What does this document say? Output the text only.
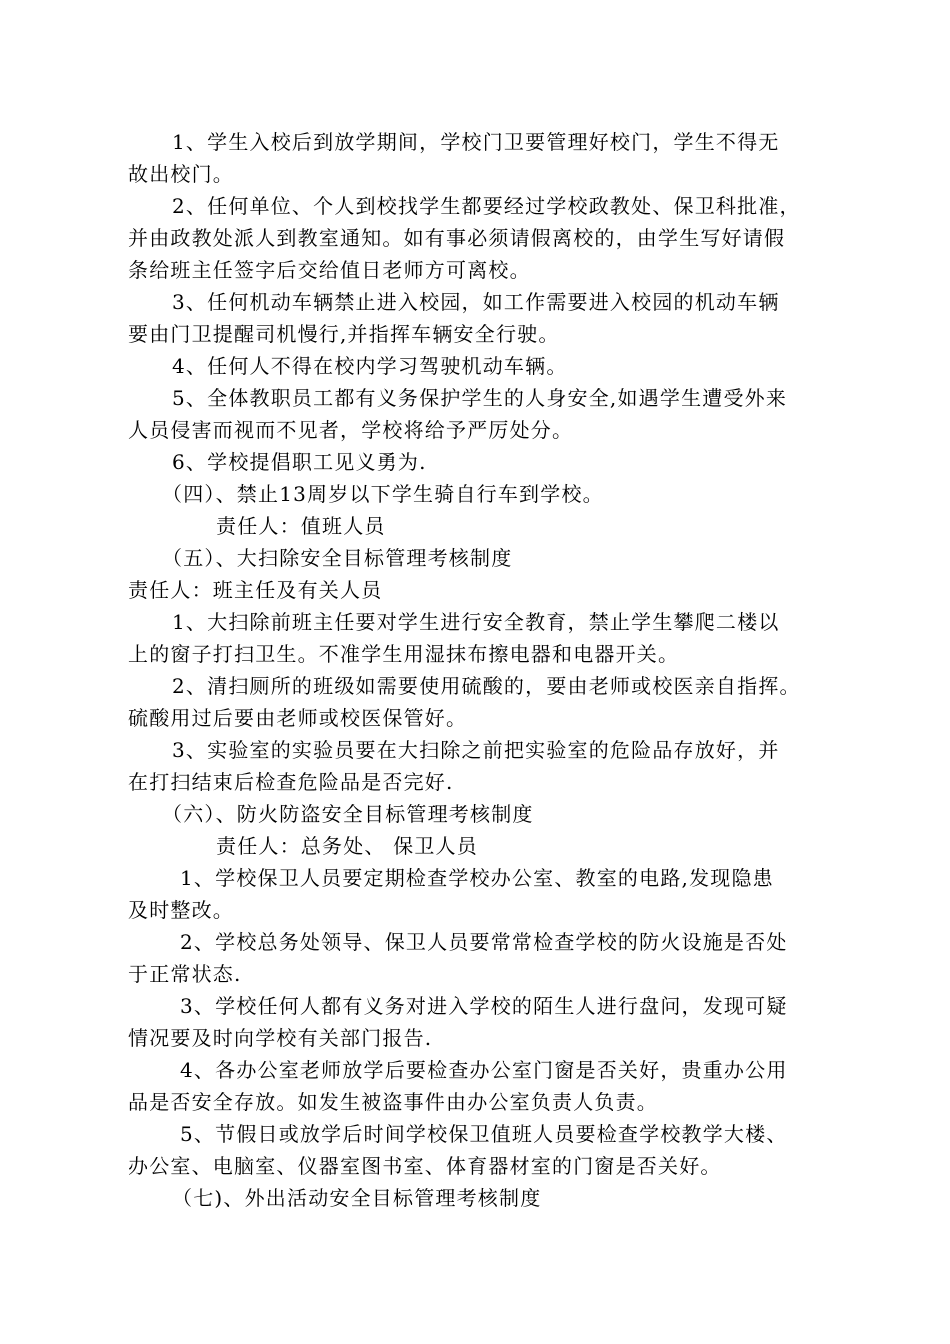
1、学生入校后到放学期间，学校门卫要管理好校门，学生不得无
故出校门。
2、任何单位、个人到校找学生都要经过学校政教处、保卫科批准，
并由政教处派人到教室通知。如有事必须请假离校的，由学生写好请假
条给班主任签字后交给值日老师方可离校。
3、任何机动车辆禁止进入校园，如工作需要进入校园的机动车辆
要由门卫提醒司机慢行,并指挥车辆安全行驶。
4、任何人不得在校内学习驾驶机动车辆。
5、全体教职员工都有义务保护学生的人身安全,如遇学生遭受外来
人员侵害而视而不见者，学校将给予严厉处分。
6、学校提倡职工见义勇为.
（四）、禁止13周岁以下学生骑自行车到学校。
责任人：值班人员
（五）、大扫除安全目标管理考核制度
责任人：班主任及有关人员
1、大扫除前班主任要对学生进行安全教育，禁止学生攀爬二楼以
上的窗子打扫卫生。不准学生用湿抹布擦电器和电器开关。
2、清扫厕所的班级如需要使用硫酸的，要由老师或校医亲自指挥。
硫酸用过后要由老师或校医保管好。
3、实验室的实验员要在大扫除之前把实验室的危险品存放好，并
在打扫结束后检查危险品是否完好.
（六）、防火防盗安全目标管理考核制度
责任人：总务处、 保卫人员
1、学校保卫人员要定期检查学校办公室、教室的电路,发现隐患
及时整改。
2、学校总务处领导、保卫人员要常常检查学校的防火设施是否处
于正常状态.
3、学校任何人都有义务对进入学校的陌生人进行盘问，发现可疑
情况要及时向学校有关部门报告.
4、各办公室老师放学后要检查办公室门窗是否关好，贵重办公用
品是否安全存放。如发生被盗事件由办公室负责人负责。
5、节假日或放学后时间学校保卫值班人员要检查学校教学大楼、
办公室、电脑室、仪器室图书室、体育器材室的门窗是否关好。
（七)、外出活动安全目标管理考核制度
